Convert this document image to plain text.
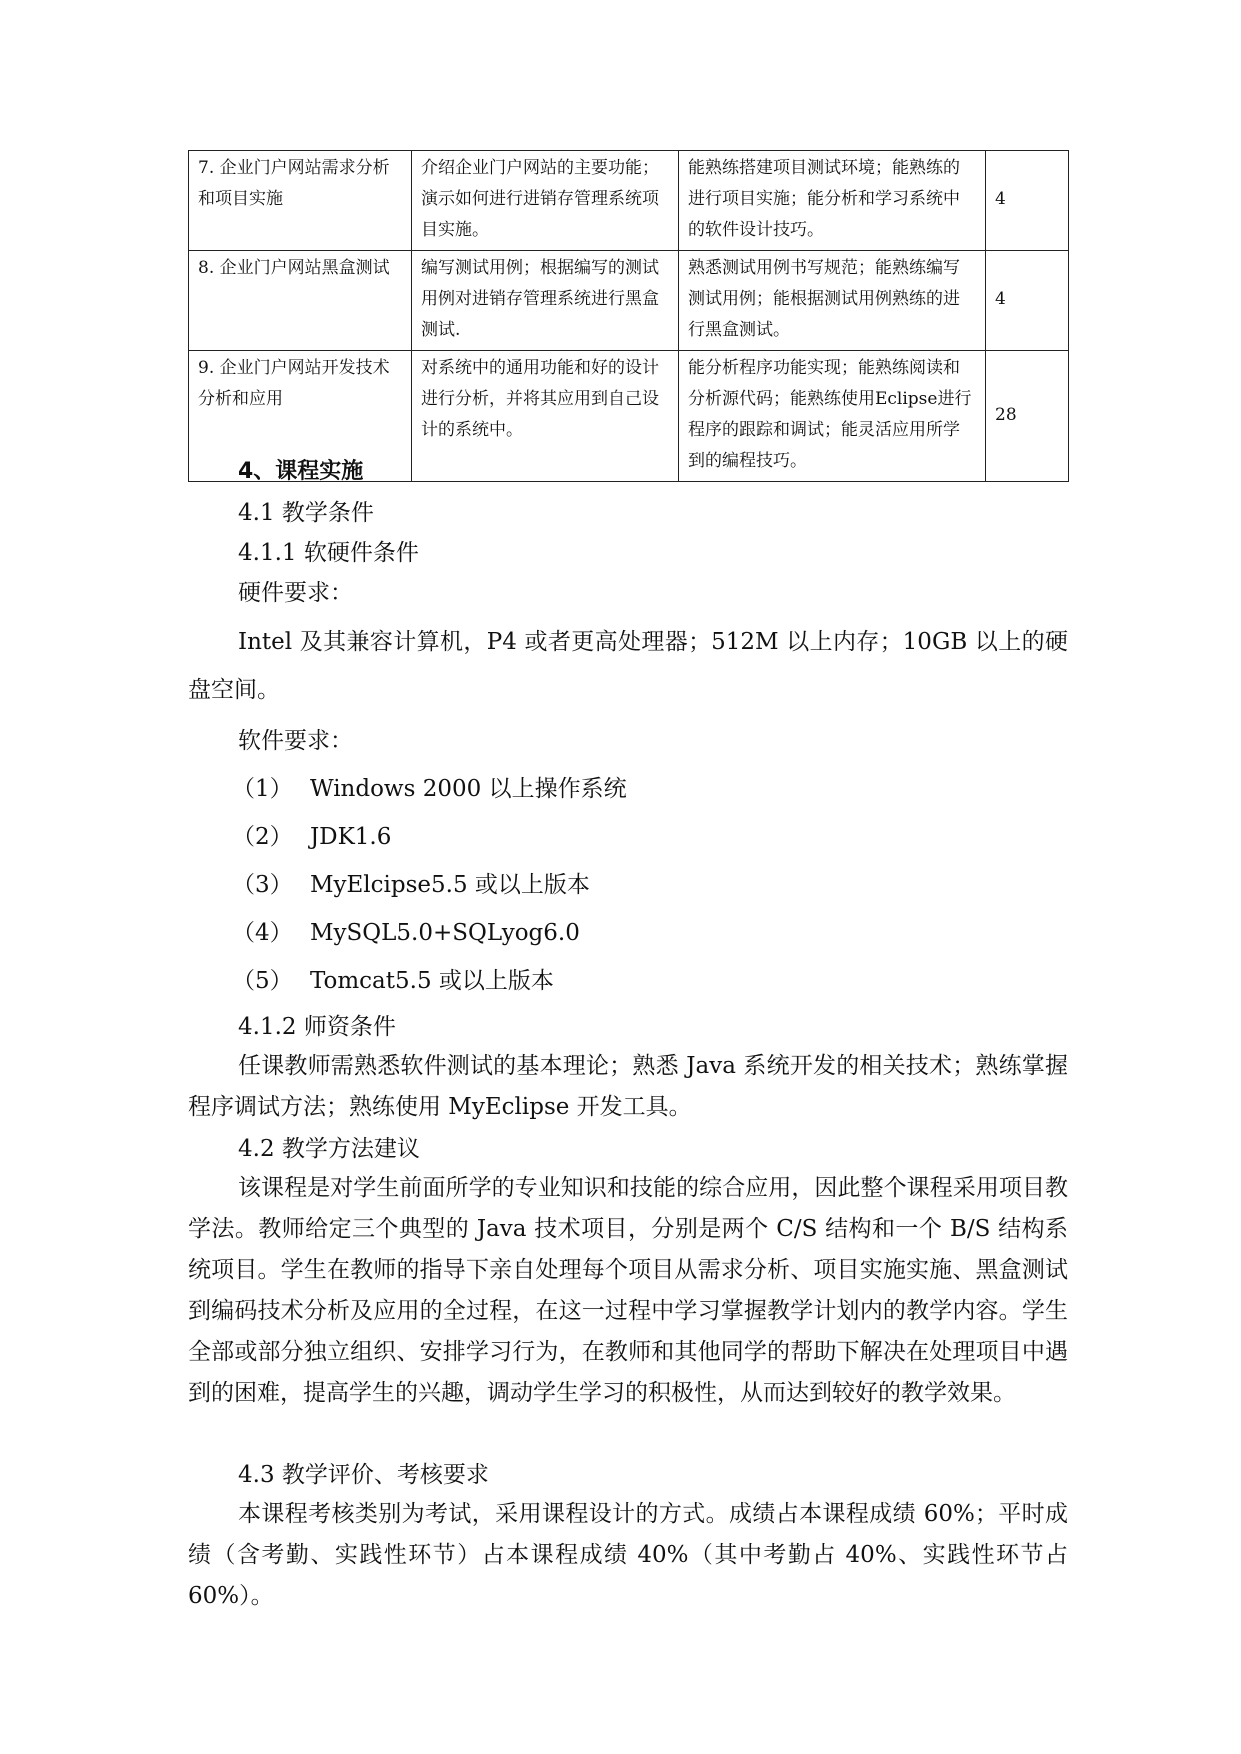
7. 企业门户网站需求分析和项目实施	介绍企业门户网站的主要功能；演示如何进行进销存管理系统项目实施。	能熟练搭建项目测试环境；能熟练的进行项目实施；能分析和学习系统中的软件设计技巧。	4
8. 企业门户网站黑盒测试	编写测试用例；根据编写的测试用例对进销存管理系统进行黑盒测试.	熟悉测试用例书写规范；能熟练编写测试用例；能根据测试用例熟练的进行黑盒测试。	4
9. 企业门户网站开发技术分析和应用	对系统中的通用功能和好的设计进行分析，并将其应用到自己设计的系统中。	能分析程序功能实现；能熟练阅读和分析源代码；能熟练使用Eclipse进行程序的跟踪和调试；能灵活应用所学到的编程技巧。	28
4、课程实施
4.1 教学条件
4.1.1 软硬件条件
硬件要求：
Intel 及其兼容计算机，P4 或者更高处理器；512M 以上内存；10GB 以上的硬盘空间。
软件要求：
（1） Windows 2000 以上操作系统
（2） JDK1.6
（3） MyElcipse5.5 或以上版本
（4） MySQL5.0+SQLyog6.0
（5） Tomcat5.5 或以上版本
4.1.2 师资条件
任课教师需熟悉软件测试的基本理论；熟悉 Java 系统开发的相关技术；熟练掌握程序调试方法；熟练使用 MyEclipse 开发工具。
4.2 教学方法建议
该课程是对学生前面所学的专业知识和技能的综合应用，因此整个课程采用项目教学法。教师给定三个典型的 Java 技术项目，分别是两个 C/S 结构和一个 B/S 结构系统项目。学生在教师的指导下亲自处理每个项目从需求分析、项目实施实施、黑盒测试到编码技术分析及应用的全过程，在这一过程中学习掌握教学计划内的教学内容。学生全部或部分独立组织、安排学习行为，在教师和其他同学的帮助下解决在处理项目中遇到的困难，提高学生的兴趣，调动学生学习的积极性，从而达到较好的教学效果。
4.3 教学评价、考核要求
本课程考核类别为考试，采用课程设计的方式。成绩占本课程成绩 60%；平时成绩（含考勤、实践性环节）占本课程成绩 40%（其中考勤占 40%、实践性环节占 60%）。
